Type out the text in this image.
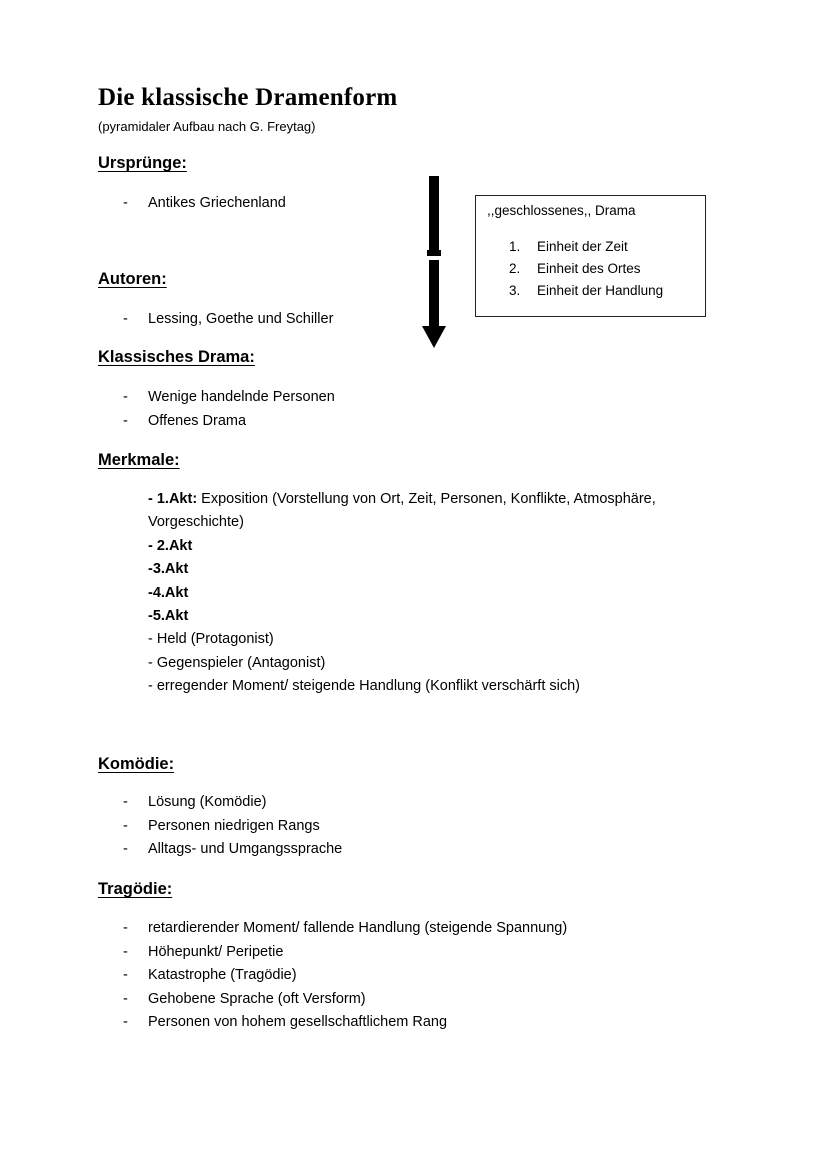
Die klassische Dramenform
(pyramidaler Aufbau nach G. Freytag)
Ursprünge:
- Antikes Griechenland
Autoren:
- Lessing, Goethe und Schiller
Klassisches Drama:
- Wenige handelnde Personen
- Offenes Drama
Merkmale:
- 1.Akt: Exposition (Vorstellung von Ort, Zeit, Personen, Konflikte, Atmosphäre,
Vorgeschichte)
- 2.Akt
-3.Akt
-4.Akt
-5.Akt
- Held (Protagonist)
- Gegenspieler (Antagonist)
- erregender Moment/ steigende Handlung (Konflikt verschärft sich)
Komödie:
- Lösung (Komödie)
- Personen niedrigen Rangs
- Alltags- und Umgangssprache
Tragödie:
- retardierender Moment/ fallende Handlung (steigende Spannung)
- Höhepunkt/ Peripetie
- Katastrophe (Tragödie)
- Gehobene Sprache (oft Versform)
- Personen von hohem gesellschaftlichem Rang
,,geschlossenes,, Drama
1. Einheit der Zeit
2. Einheit des Ortes
3. Einheit der Handlung
